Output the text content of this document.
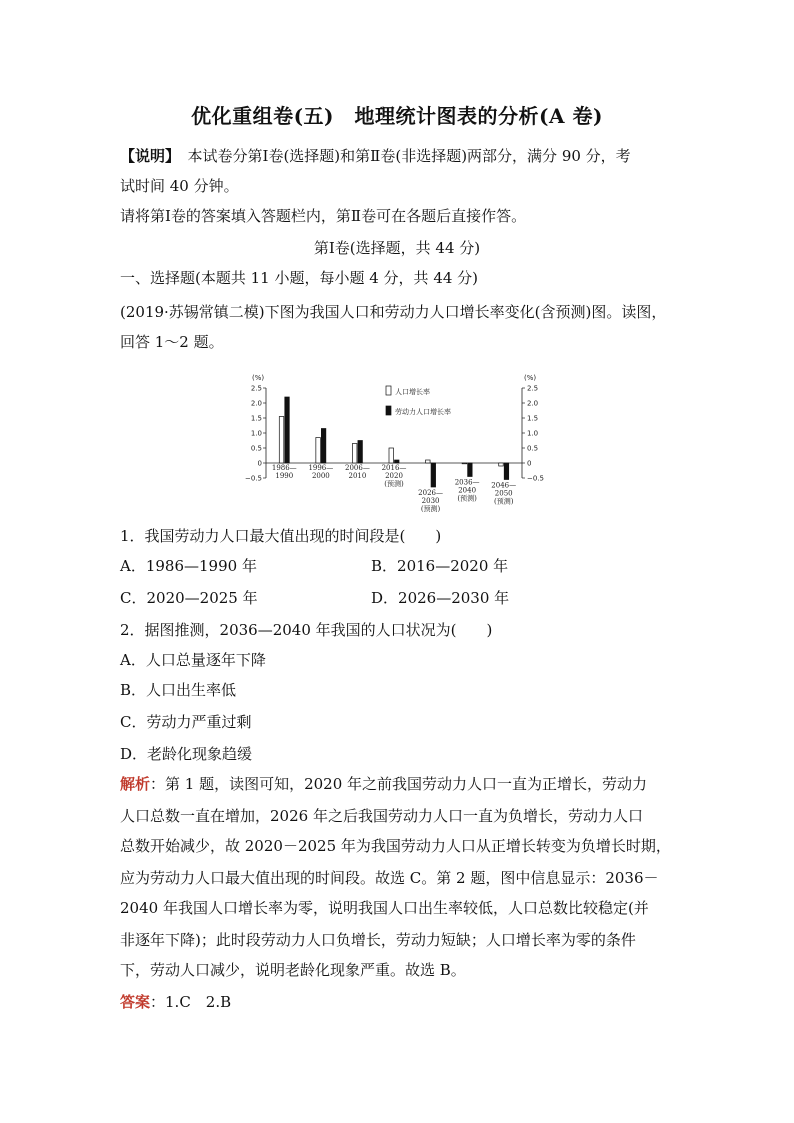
优化重组卷(五)　地理统计图表的分析(A 卷)
【说明】　本试卷分第Ⅰ卷(选择题)和第Ⅱ卷(非选择题)两部分，满分 90 分，考
试时间 40 分钟。
请将第Ⅰ卷的答案填入答题栏内，第Ⅱ卷可在各题后直接作答。
第Ⅰ卷(选择题，共 44 分)
一、选择题(本题共 11 小题，每小题 4 分，共 44 分)
(2019·苏锡常镇二模)下图为我国人口和劳动力人口增长率变化(含预测)图。读图，
回答 1～2 题。
(%)	(%)
2.5	2.5
2.0	2.0
1.5	1.5
1.0	1.0
0.5	0.5
0	0
−0.5	−0.5
1986— 1990
1996— 2000
2006— 2010
2016— 2020 (预测)
2026— 2030 (预测)
2036— 2040 (预测)
2046— 2050 (预测)
人口增长率
劳动力人口增长率
1．我国劳动力人口最大值出现的时间段是(　　)
A．1986—1990 年	B．2016—2020 年
C．2020—2025 年	D．2026—2030 年
2．据图推测，2036—2040 年我国的人口状况为(　　)
A．人口总量逐年下降
B．人口出生率低
C．劳动力严重过剩
D．老龄化现象趋缓
解析：第 1 题，读图可知，2020 年之前我国劳动力人口一直为正增长，劳动力
人口总数一直在增加，2026 年之后我国劳动力人口一直为负增长，劳动力人口
总数开始减少，故 2020－2025 年为我国劳动力人口从正增长转变为负增长时期，
应为劳动力人口最大值出现的时间段。故选 C。第 2 题，图中信息显示：2036－
2040 年我国人口增长率为零，说明我国人口出生率较低，人口总数比较稳定(并
非逐年下降)；此时段劳动力人口负增长，劳动力短缺；人口增长率为零的条件
下，劳动人口减少，说明老龄化现象严重。故选 B。
答案：1.C　2.B
